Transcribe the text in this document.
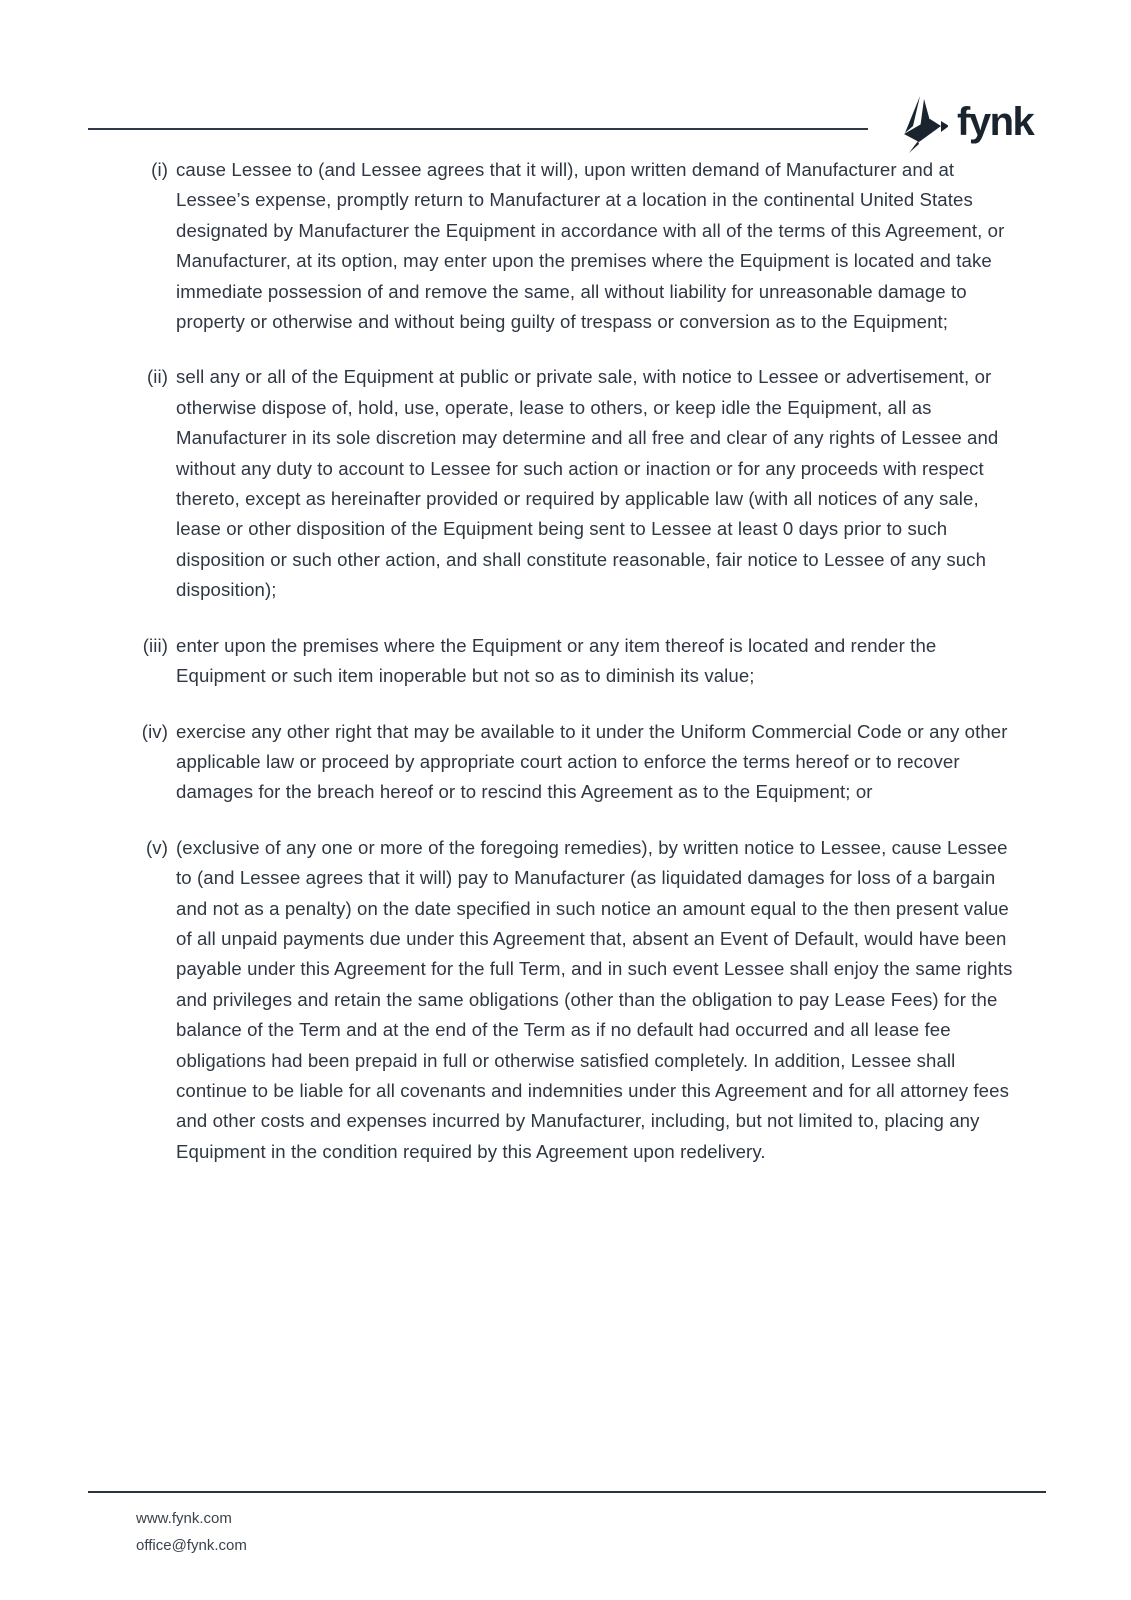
fynk
(i) cause Lessee to (and Lessee agrees that it will), upon written demand of Manufacturer and at Lessee’s expense, promptly return to Manufacturer at a location in the continental United States designated by Manufacturer the Equipment in accordance with all of the terms of this Agreement, or Manufacturer, at its option, may enter upon the premises where the Equipment is located and take immediate possession of and remove the same, all without liability for unreasonable damage to property or otherwise and without being guilty of trespass or conversion as to the Equipment;
(ii) sell any or all of the Equipment at public or private sale, with notice to Lessee or advertisement, or otherwise dispose of, hold, use, operate, lease to others, or keep idle the Equipment, all as Manufacturer in its sole discretion may determine and all free and clear of any rights of Lessee and without any duty to account to Lessee for such action or inaction or for any proceeds with respect thereto, except as hereinafter provided or required by applicable law (with all notices of any sale, lease or other disposition of the Equipment being sent to Lessee at least 0 days prior to such disposition or such other action, and shall constitute reasonable, fair notice to Lessee of any such disposition);
(iii) enter upon the premises where the Equipment or any item thereof is located and render the Equipment or such item inoperable but not so as to diminish its value;
(iv) exercise any other right that may be available to it under the Uniform Commercial Code or any other applicable law or proceed by appropriate court action to enforce the terms hereof or to recover damages for the breach hereof or to rescind this Agreement as to the Equipment; or
(v) (exclusive of any one or more of the foregoing remedies), by written notice to Lessee, cause Lessee to (and Lessee agrees that it will) pay to Manufacturer (as liquidated damages for loss of a bargain and not as a penalty) on the date specified in such notice an amount equal to the then present value of all unpaid payments due under this Agreement that, absent an Event of Default, would have been payable under this Agreement for the full Term, and in such event Lessee shall enjoy the same rights and privileges and retain the same obligations (other than the obligation to pay Lease Fees) for the balance of the Term and at the end of the Term as if no default had occurred and all lease fee obligations had been prepaid in full or otherwise satisfied completely. In addition, Lessee shall continue to be liable for all covenants and indemnities under this Agreement and for all attorney fees and other costs and expenses incurred by Manufacturer, including, but not limited to, placing any Equipment in the condition required by this Agreement upon redelivery.
www.fynk.com
office@fynk.com
